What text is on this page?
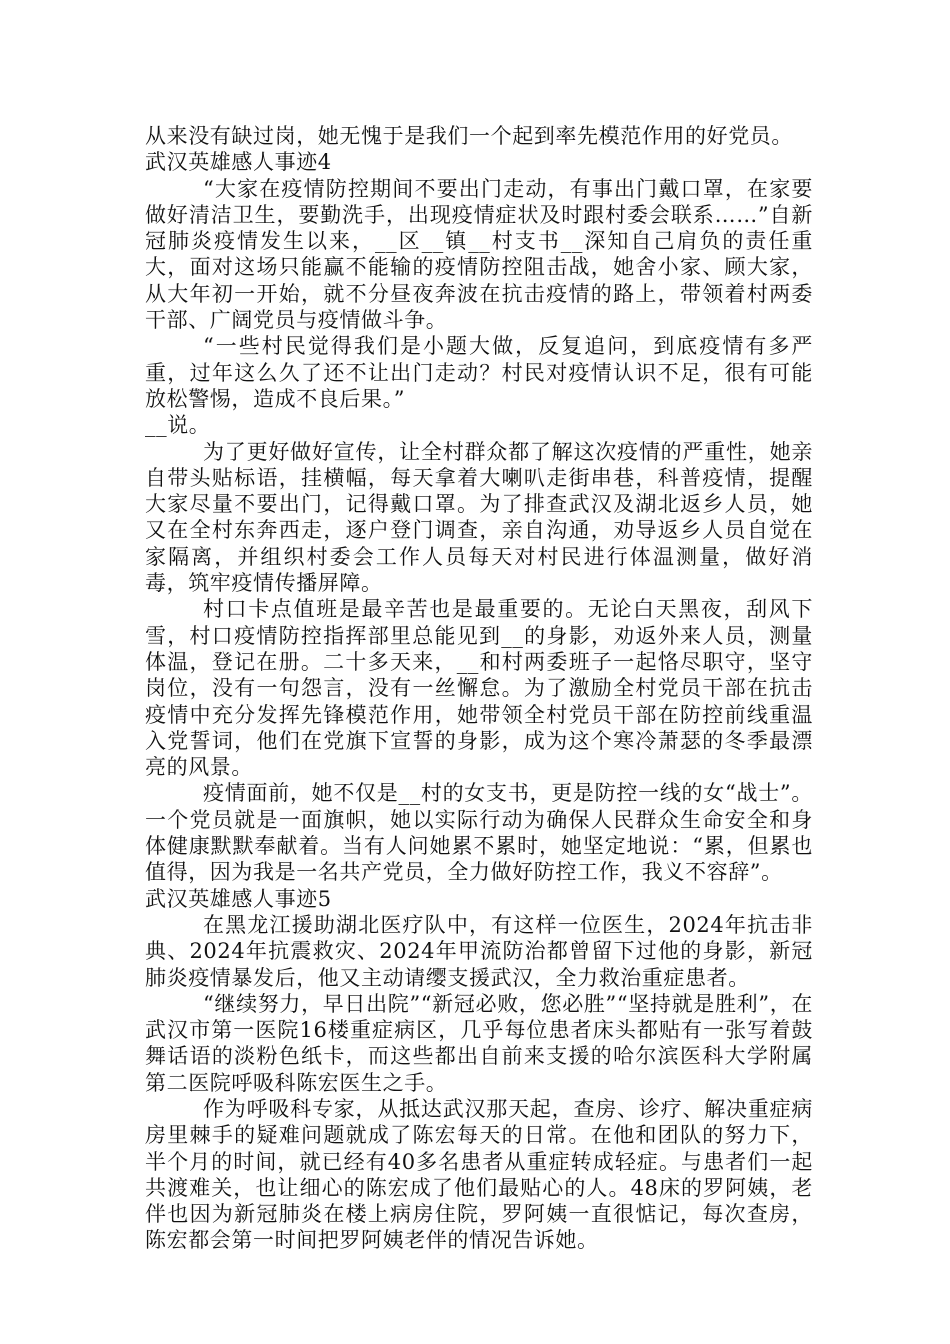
从来没有缺过岗，她无愧于是我们一个起到率先模范作用的好党员。

武汉英雄感人事迹4

“大家在疫情防控期间不要出门走动，有事出门戴口罩，在家要做好清洁卫生，要勤洗手，出现疫情症状及时跟村委会联系……”自新冠肺炎疫情发生以来，__区__镇__村支书__深知自己肩负的责任重大，面对这场只能赢不能输的疫情防控阻击战，她舍小家、顾大家，从大年初一开始，就不分昼夜奔波在抗击疫情的路上，带领着村两委干部、广阔党员与疫情做斗争。

“一些村民觉得我们是小题大做，反复追问，到底疫情有多严重，过年这么久了还不让出门走动？村民对疫情认识不足，很有可能放松警惕，造成不良后果。”

__说。

为了更好做好宣传，让全村群众都了解这次疫情的严重性，她亲自带头贴标语，挂横幅，每天拿着大喇叭走街串巷，科普疫情，提醒大家尽量不要出门，记得戴口罩。为了排查武汉及湖北返乡人员，她又在全村东奔西走，逐户登门调查，亲自沟通，劝导返乡人员自觉在家隔离，并组织村委会工作人员每天对村民进行体温测量，做好消毒，筑牢疫情传播屏障。

村口卡点值班是最辛苦也是最重要的。无论白天黑夜，刮风下雪，村口疫情防控指挥部里总能见到__的身影，劝返外来人员，测量体温，登记在册。二十多天来，__和村两委班子一起恪尽职守，坚守岗位，没有一句怨言，没有一丝懈怠。为了激励全村党员干部在抗击疫情中充分发挥先锋模范作用，她带领全村党员干部在防控前线重温入党誓词，他们在党旗下宣誓的身影，成为这个寒冷萧瑟的冬季最漂亮的风景。

疫情面前，她不仅是__村的女支书，更是防控一线的女“战士”。一个党员就是一面旗帜，她以实际行动为确保人民群众生命安全和身体健康默默奉献着。当有人问她累不累时，她坚定地说：“累，但累也值得，因为我是一名共产党员，全力做好防控工作，我义不容辞”。

武汉英雄感人事迹5

在黑龙江援助湖北医疗队中，有这样一位医生，2024年抗击非典、2024年抗震救灾、2024年甲流防治都曾留下过他的身影，新冠肺炎疫情暴发后，他又主动请缨支援武汉，全力救治重症患者。

“继续努力，早日出院”“新冠必败，您必胜”“坚持就是胜利”，在武汉市第一医院16楼重症病区，几乎每位患者床头都贴有一张写着鼓舞话语的淡粉色纸卡，而这些都出自前来支援的哈尔滨医科大学附属第二医院呼吸科陈宏医生之手。

作为呼吸科专家，从抵达武汉那天起，查房、诊疗、解决重症病房里棘手的疑难问题就成了陈宏每天的日常。在他和团队的努力下，半个月的时间，就已经有40多名患者从重症转成轻症。与患者们一起共渡难关，也让细心的陈宏成了他们最贴心的人。48床的罗阿姨，老伴也因为新冠肺炎在楼上病房住院，罗阿姨一直很惦记，每次查房，陈宏都会第一时间把罗阿姨老伴的情况告诉她。
